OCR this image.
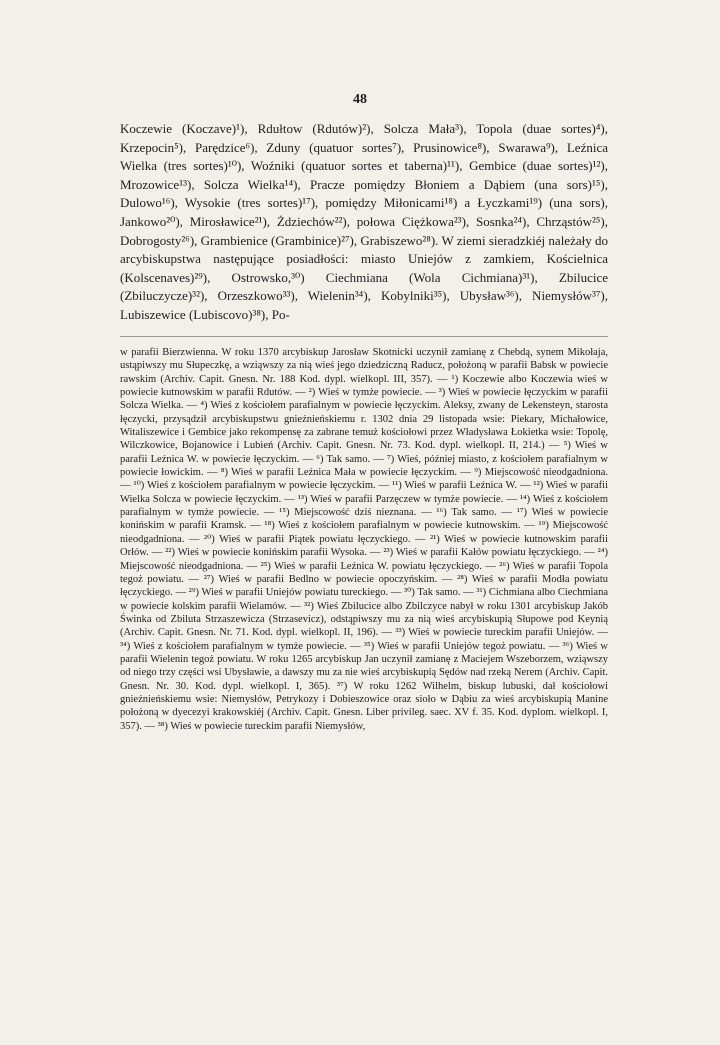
48

Koczewie (Koczave)¹), Rdułtow (Rdutów)²), Solcza Mała³), Topola (duae sortes)⁴), Krzepocin⁵), Parędzice⁶), Zduny (quatuor sortes⁷), Prusinowice⁸), Swarawa⁹), Leźnica Wielka (tres sortes)¹⁰), Woźniki (quatuor sortes et taberna)¹¹), Gembice (duae sortes)¹²), Mrozowice¹³), Solcza Wielka¹⁴), Pracze pomiędzy Błoniem a Dąbiem (una sors)¹⁵), Dulowo¹⁶), Wysokie (tres sortes)¹⁷), pomiędzy Miłonicami¹⁸) a Łyczkami¹⁹) (una sors), Jankowo²⁰), Mirosławice²¹), Żdziechów²²), połowa Ciężkowa²³), Sosnka²⁴), Chrząstów²⁵), Dobrogosty²⁶), Grambienice (Grambinice)²⁷), Grabiszewo²⁸). W ziemi sieradzkiéj należały do arcybiskupstwa następujące posiadłości: miasto Uniejów z zamkiem, Kościelnica (Kolscenaves)²⁹), Ostrowsko,³⁰) Ciechmiana (Wola Cichmiana)³¹), Zbilucice (Zbiluczycze)³²), Orzeszkowo³³), Wielenin³⁴), Kobylniki³⁵), Ubysław³⁶), Niemysłów³⁷), Lubiszewice (Lubiscovo)³⁸), Po-

w parafii Bierzwienna. W roku 1370 arcybiskup Jarosław Skotnicki uczynił zamianę z Chebdą, synem Mikołaja, ustąpiwszy mu Słupeczkę, a wziąwszy za nią wieś jego dziedziczną Raducz, położoną w parafii Babsk w powiecie rawskim (Archiv. Capit. Gnesn. Nr. 188 Kod. dypl. wielkopl. III, 357). — ¹) Koczewie albo Koczewia wieś w powiecie kutnowskim w parafii Rdutów. — ²) Wieś w tymże powiecie. — ³) Wieś w powiecie łęczyckim w parafii Solcza Wielka. — ⁴) Wieś z kościołem parafialnym w powiecie łęczyckim. Aleksy, zwany de Lekensteyn, starosta łęczycki, przysądził arcybiskupstwu gnieźnieńskiemu r. 1302 dnia 29 listopada wsie: Piekary, Michałowice, Witaliszewice i Gembice jako rekompensę za zabrane temuż kościołowi przez Władysława Łokietka wsie: Topolę, Wilczkowice, Bojanowice i Lubień (Archiv. Capit. Gnesn. Nr. 73. Kod. dypl. wielkopl. II, 214.) — ⁵) Wieś w parafii Leźnica W. w powiecie łęczyckim. — ⁶) Tak samo. — ⁷) Wieś, później miasto, z kościołem parafialnym w powiecie łowickim. — ⁸) Wieś w parafii Leźnica Mała w powiecie łęczyckim. — ⁹) Miejscowość nieodgadniona. — ¹⁰) Wieś z kościołem parafialnym w powiecie łęczyckim. — ¹¹) Wieś w parafii Leźnica W. — ¹²) Wieś w parafii Wielka Solcza w powiecie łęczyckim. — ¹³) Wieś w parafii Parzęczew w tymże powiecie. — ¹⁴) Wieś z kościołem parafialnym w tymże powiecie. — ¹⁵) Miejscowość dziś nieznana. — ¹⁶) Tak samo. — ¹⁷) Wieś w powiecie konińskim w parafii Kramsk. — ¹⁸) Wieś z kościołem parafialnym w powiecie kutnowskim. — ¹⁹) Miejscowość nieodgadniona. — ²⁰) Wieś w parafii Piątek powiatu łęczyckiego. — ²¹) Wieś w powiecie kutnowskim parafii Orłów. — ²²) Wieś w powiecie konińskim parafii Wysoka. — ²³) Wieś w parafii Kałów powiatu łęczyckiego. — ²⁴) Miejscowość nieodgadniona. — ²⁵) Wieś w parafii Leźnica W. powiatu łęczyckiego. — ²⁶) Wieś w parafii Topola tegoż powiatu. — ²⁷) Wieś w parafii Bedlno w powiecie opoczyńskim. — ²⁸) Wieś w parafii Modła powiatu łęczyckiego. — ²⁹) Wieś w parafii Uniejów powiatu tureckiego. — ³⁰) Tak samo. — ³¹) Cichmiana albo Ciechmiana w powiecie kolskim parafii Wielamów. — ³²) Wieś Zbilucice albo Zbilczyce nabył w roku 1301 arcybiskup Jakób Świnka od Zbiluta Strzaszewicza (Strzasevicz), odstąpiwszy mu za nią wieś arcybiskupią Słupowe pod Keynią (Archiv. Capit. Gnesn. Nr. 71. Kod. dypl. wielkopl. II, 196). — ³³) Wieś w powiecie tureckim parafii Uniejów. — ³⁴) Wieś z kościołem parafialnym w tymże powiecie. — ³⁵) Wieś w parafii Uniejów tegoż powiatu. — ³⁶) Wieś w parafii Wielenin tegoż powiatu. W roku 1265 arcybiskup Jan uczynił zamianę z Maciejem Wszeborzem, wziąwszy od niego trzy części wsi Ubysławie, a dawszy mu za nie wieś arcybiskupią Sędów nad rzeką Nerem (Archiv. Capit. Gnesn. Nr. 30. Kod. dypl. wielkopl. I, 365). ³⁷) W roku 1262 Wilhelm, biskup lubuski, dał kościołowi gnieźnieńskiemu wsie: Niemysłów, Petrykozy i Dobieszowice oraz sioło w Dąbiu za wieś arcybiskupią Manine położoną w dyecezyi krakowskiéj (Archiv. Capit. Gnesn. Liber privileg. saec. XV f. 35. Kod. dyplom. wielkopl. I, 357). — ³⁸) Wieś w powiecie tureckim parafii Niemysłów,
